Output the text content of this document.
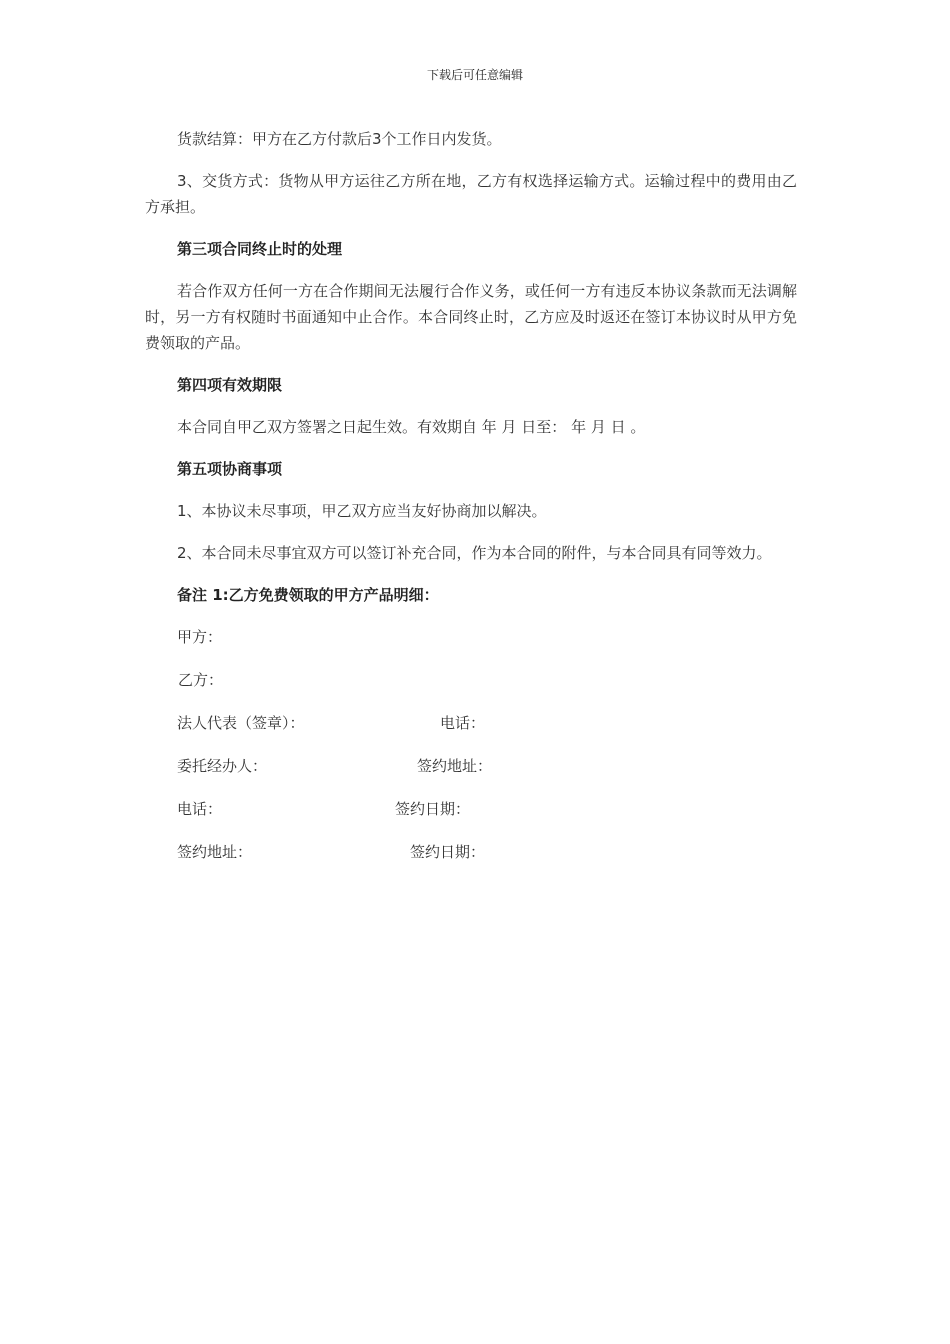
下载后可任意编辑

货款结算：甲方在乙方付款后3个工作日内发货。

3、交货方式：货物从甲方运往乙方所在地，乙方有权选择运输方式。运输过程中的费用由乙方承担。

第三项合同终止时的处理

若合作双方任何一方在合作期间无法履行合作义务，或任何一方有违反本协议条款而无法调解时，另一方有权随时书面通知中止合作。本合同终止时，乙方应及时返还在签订本协议时从甲方免费领取的产品。

第四项有效期限

本合同自甲乙双方签署之日起生效。有效期自 年 月 日至： 年 月 日 。

第五项协商事项

1、本协议未尽事项，甲乙双方应当友好协商加以解决。

2、本合同未尽事宜双方可以签订补充合同，作为本合同的附件，与本合同具有同等效力。

备注 1:乙方免费领取的甲方产品明细：

甲方：
乙方：
法人代表（签章）：	电话：
委托经办人：	签约地址：
电话：	签约日期：
签约地址：	签约日期：
